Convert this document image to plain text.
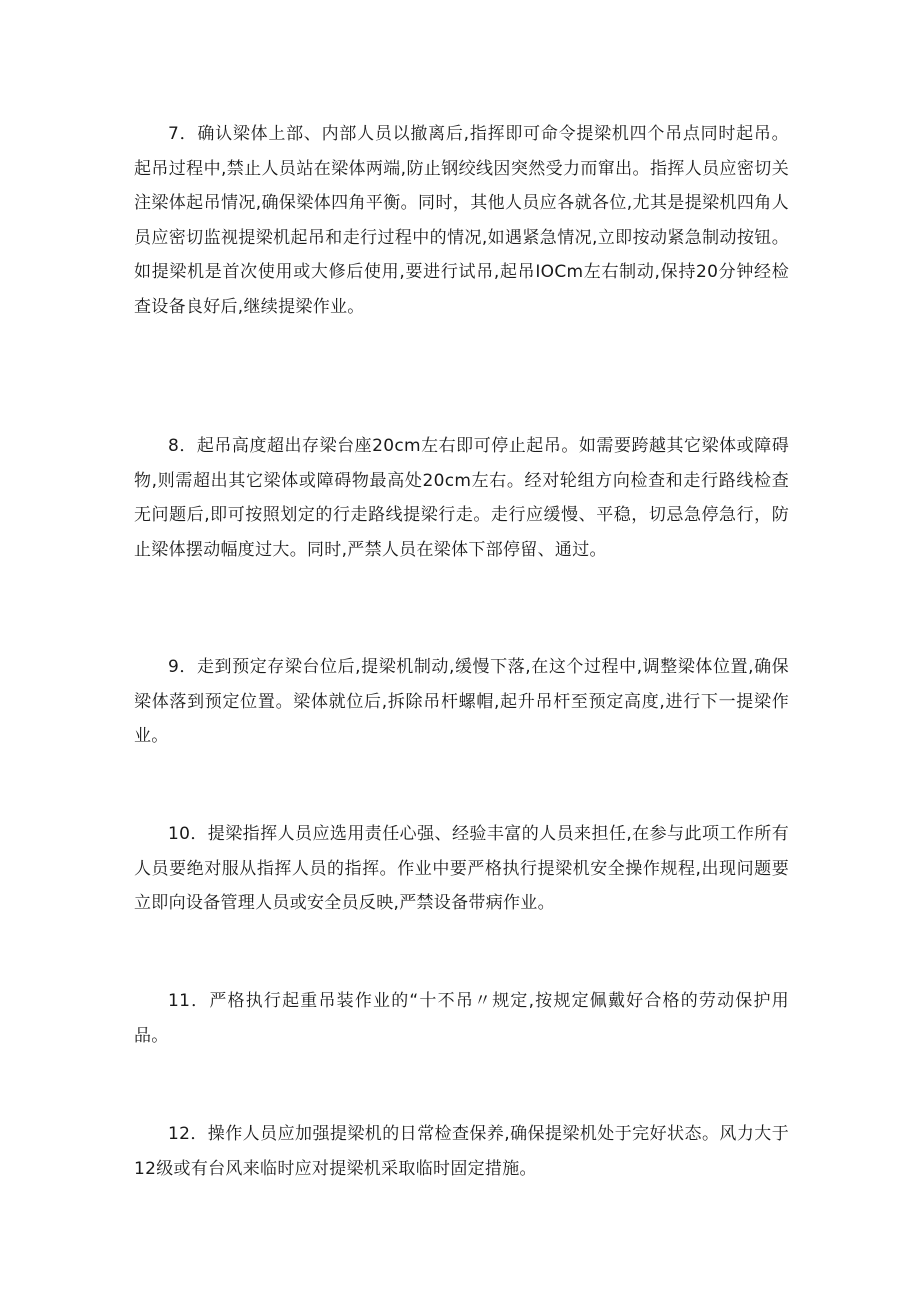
7．确认梁体上部、内部人员以撤离后,指挥即可命令提梁机四个吊点同时起吊。起吊过程中,禁止人员站在梁体两端,防止钢绞线因突然受力而窜出。指挥人员应密切关注梁体起吊情况,确保梁体四角平衡。同时，其他人员应各就各位,尤其是提梁机四角人员应密切监视提梁机起吊和走行过程中的情况,如遇紧急情况,立即按动紧急制动按钮。如提梁机是首次使用或大修后使用,要进行试吊,起吊IOCm左右制动,保持20分钟经检查设备良好后,继续提梁作业。

8．起吊高度超出存梁台座20cm左右即可停止起吊。如需要跨越其它梁体或障碍物,则需超出其它梁体或障碍物最高处20cm左右。经对轮组方向检查和走行路线检查无问题后,即可按照划定的行走路线提梁行走。走行应缓慢、平稳，切忌急停急行，防止梁体摆动幅度过大。同时,严禁人员在梁体下部停留、通过。

9．走到预定存梁台位后,提梁机制动,缓慢下落,在这个过程中,调整梁体位置,确保梁体落到预定位置。梁体就位后,拆除吊杆螺帽,起升吊杆至预定高度,进行下一提梁作业。

10．提梁指挥人员应选用责任心强、经验丰富的人员来担任,在参与此项工作所有人员要绝对服从指挥人员的指挥。作业中要严格执行提梁机安全操作规程,出现问题要立即向设备管理人员或安全员反映,严禁设备带病作业。

11．严格执行起重吊装作业的“十不吊〃规定,按规定佩戴好合格的劳动保护用品。

12．操作人员应加强提梁机的日常检查保养,确保提梁机处于完好状态。风力大于12级或有台风来临时应对提梁机采取临时固定措施。
